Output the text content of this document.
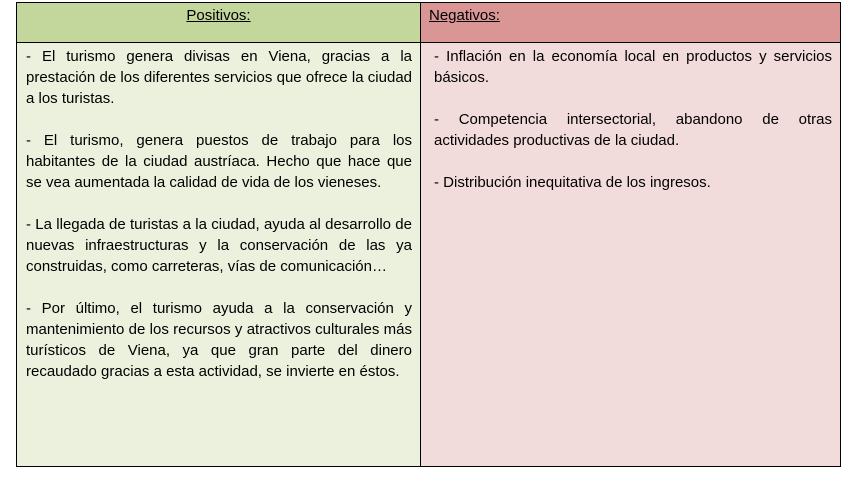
Positivos:	Negativos:

- El turismo genera divisas en Viena, gracias a la prestación de los diferentes servicios que ofrece la ciudad a los turistas.

- El turismo, genera puestos de trabajo para los habitantes de la ciudad austríaca. Hecho que hace que se vea aumentada la calidad de vida de los vieneses.

- La llegada de turistas a la ciudad, ayuda al desarrollo de nuevas infraestructuras y la conservación de las ya construidas, como carreteras, vías de comunicación…

- Por último, el turismo ayuda a la conservación y mantenimiento de los recursos y atractivos culturales más turísticos de Viena, ya que gran parte del dinero recaudado gracias a esta actividad, se invierte en éstos.

- Inflación en la economía local en productos y servicios básicos.

- Competencia intersectorial, abandono de otras actividades productivas de la ciudad.

- Distribución inequitativa de los ingresos.
